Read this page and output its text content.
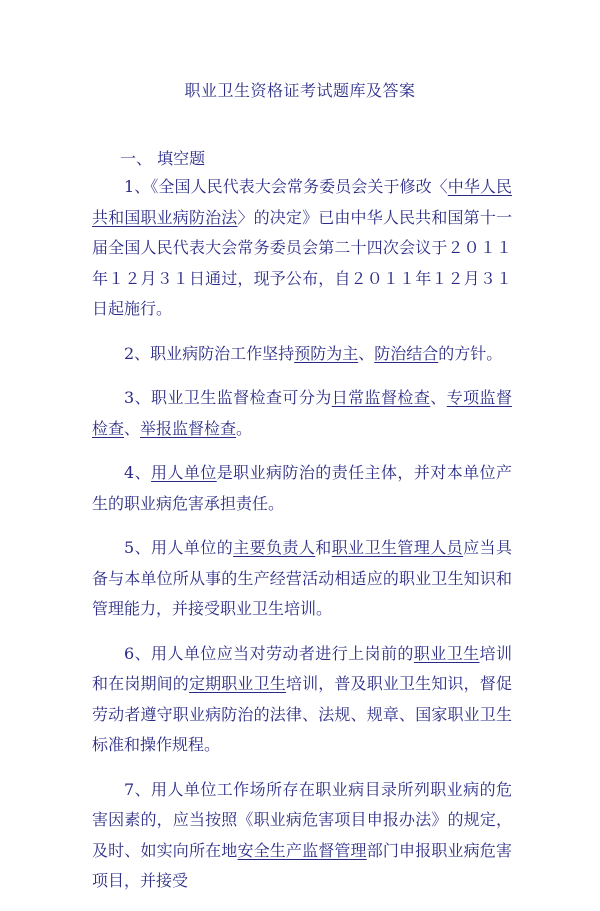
职业卫生资格证考试题库及答案
一、 填空题

1、《全国人民代表大会常务委员会关于修改〈中华人民共和国职业病防治法〉的决定》已由中华人民共和国第十一届全国人民代表大会常务委员会第二十四次会议于２０１１年１２月３１日通过，现予公布，自２０１１年１２月３１日起施行。

2、职业病防治工作坚持预防为主、防治结合的方针。

3、职业卫生监督检查可分为日常监督检查、专项监督检查、举报监督检查。

4、用人单位是职业病防治的责任主体，并对本单位产生的职业病危害承担责任。

5、用人单位的主要负责人和职业卫生管理人员应当具备与本单位所从事的生产经营活动相适应的职业卫生知识和管理能力，并接受职业卫生培训。

6、用人单位应当对劳动者进行上岗前的职业卫生培训和在岗期间的定期职业卫生培训，普及职业卫生知识，督促劳动者遵守职业病防治的法律、法规、规章、国家职业卫生标准和操作规程。

7、用人单位工作场所存在职业病目录所列职业病的危害因素的，应当按照《职业病危害项目申报办法》的规定，及时、如实向所在地安全生产监督管理部门申报职业病危害项目，并接受
